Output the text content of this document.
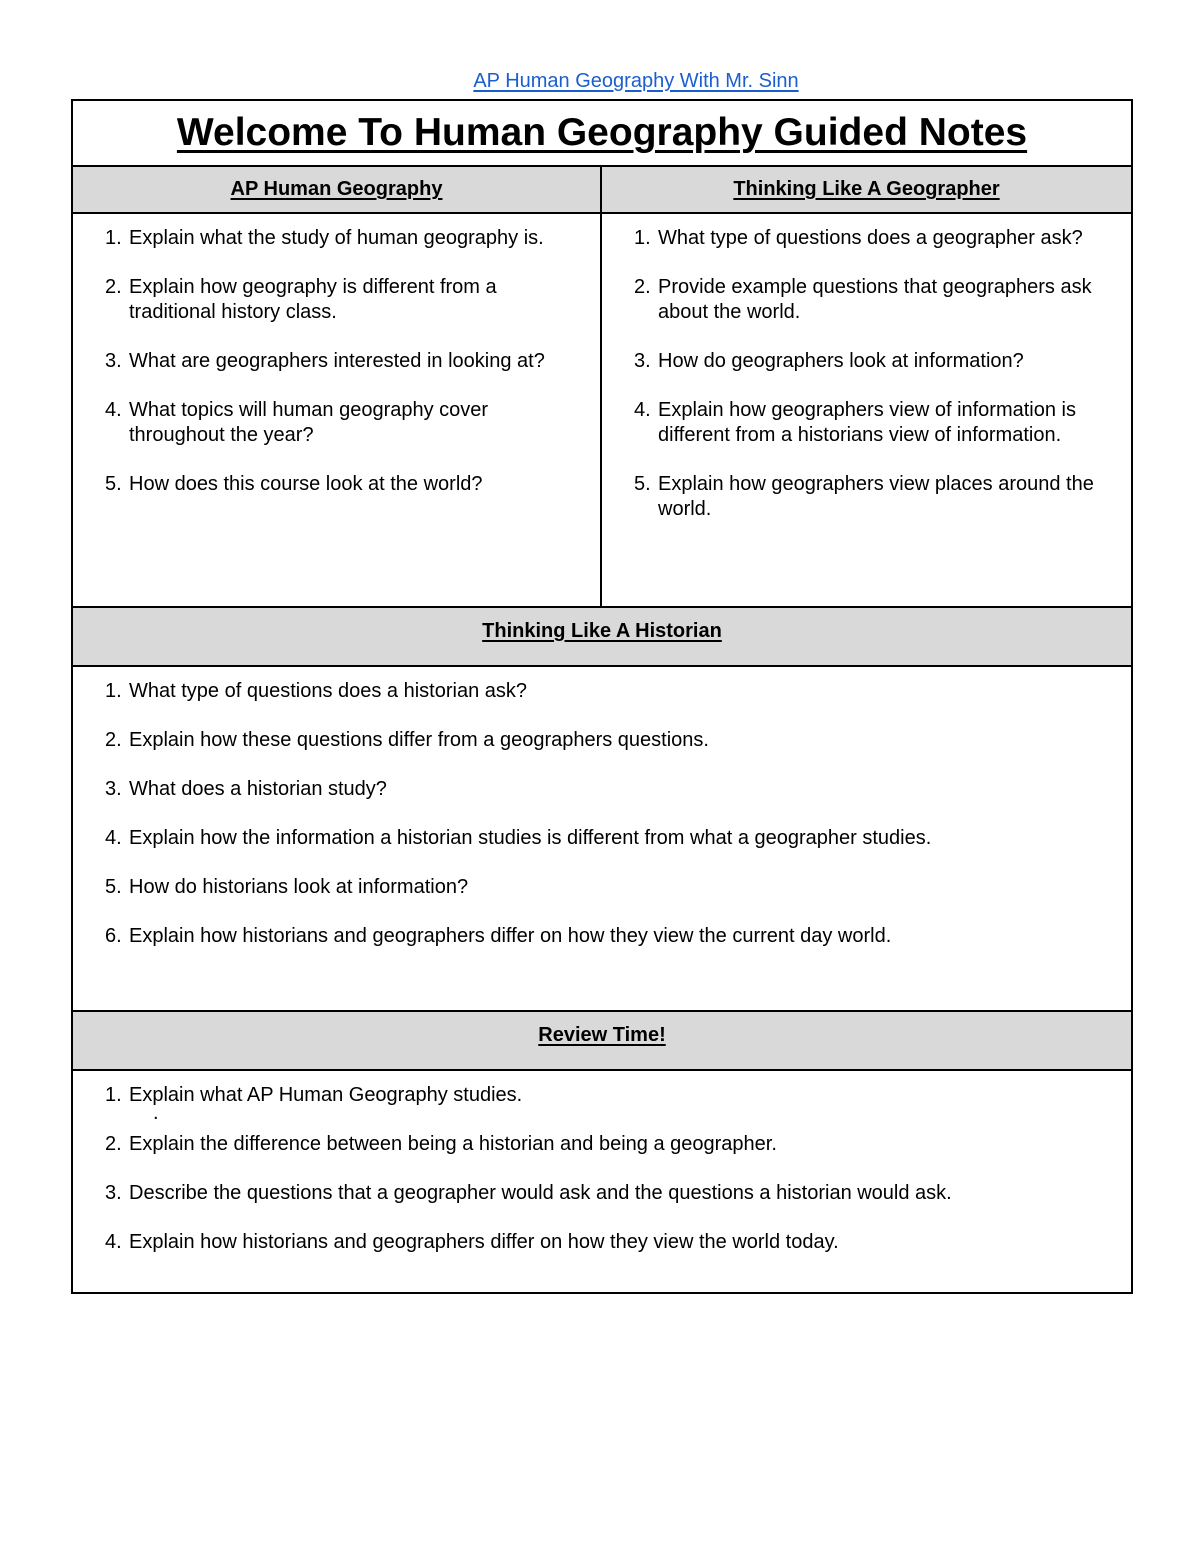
AP Human Geography With Mr. Sinn
Welcome To Human Geography Guided Notes
AP Human Geography
1. Explain what the study of human geography is.
2. Explain how geography is different from a traditional history class.
3. What are geographers interested in looking at?
4. What topics will human geography cover throughout the year?
5. How does this course look at the world?
Thinking Like A Geographer
1. What type of questions does a geographer ask?
2. Provide example questions that geographers ask about the world.
3. How do geographers look at information?
4. Explain how geographers view of information is different from a historians view of information.
5. Explain how geographers view places around the world.
Thinking Like A Historian
1. What type of questions does a historian ask?
2. Explain how these questions differ from a geographers questions.
3. What does a historian study?
4. Explain how the information a historian studies is different from what a geographer studies.
5. How do historians look at information?
6. Explain how historians and geographers differ on how they view the current day world.
Review Time!
1. Explain what AP Human Geography studies.
.
2. Explain the difference between being a historian and being a geographer.
3. Describe the questions that a geographer would ask and the questions a historian would ask.
4. Explain how historians and geographers differ on how they view the world today.
